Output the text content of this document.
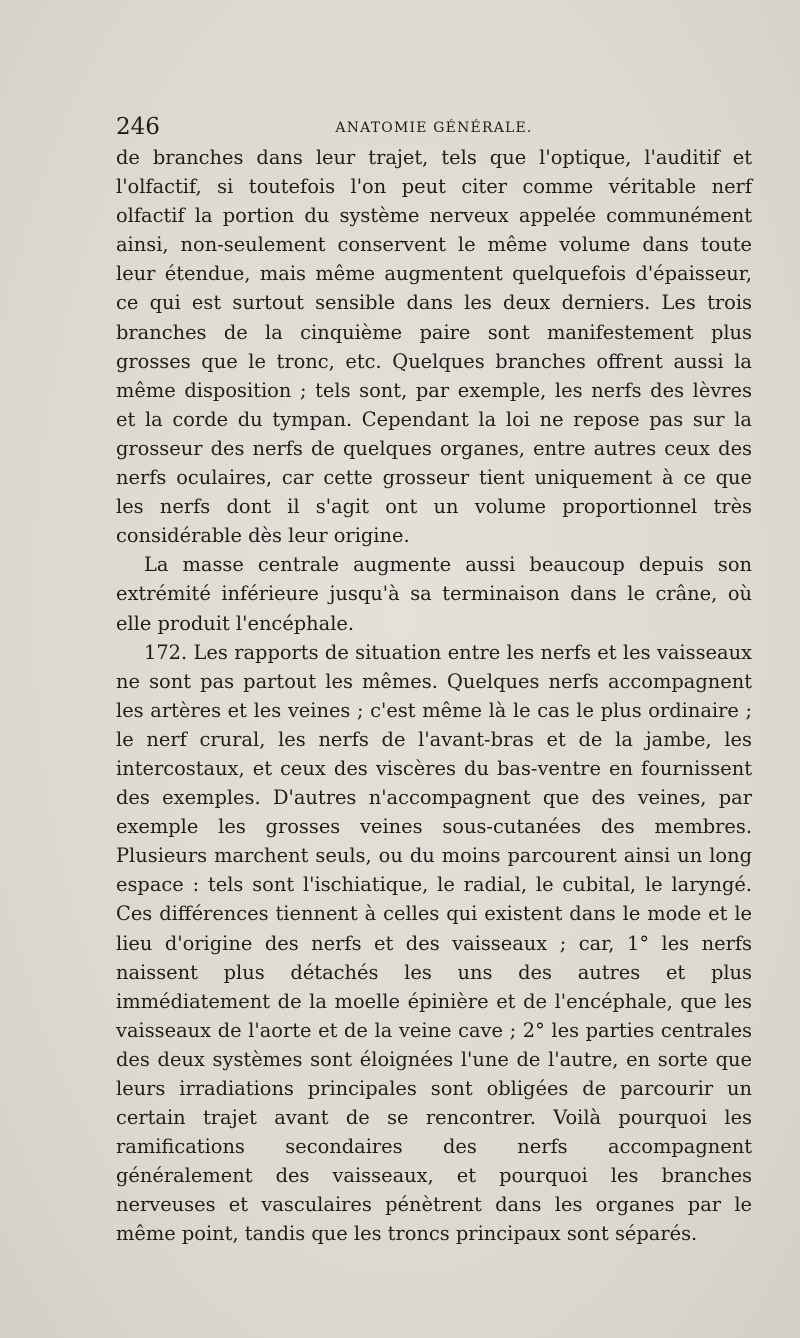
246	ANATOMIE GÉNÉRALE.

de branches dans leur trajet, tels que l'optique, l'auditif et l'olfactif, si toutefois l'on peut citer comme véritable nerf olfactif la portion du système nerveux appelée communément ainsi, non-seulement conservent le même volume dans toute leur étendue, mais même augmentent quelquefois d'épaisseur, ce qui est surtout sensible dans les deux derniers. Les trois branches de la cinquième paire sont manifestement plus grosses que le tronc, etc. Quelques branches offrent aussi la même disposition ; tels sont, par exemple, les nerfs des lèvres et la corde du tympan. Cependant la loi ne repose pas sur la grosseur des nerfs de quelques organes, entre autres ceux des nerfs oculaires, car cette grosseur tient uniquement à ce que les nerfs dont il s'agit ont un volume proportionnel très considérable dès leur origine.

La masse centrale augmente aussi beaucoup depuis son extrémité inférieure jusqu'à sa terminaison dans le crâne, où elle produit l'encéphale.

172. Les rapports de situation entre les nerfs et les vaisseaux ne sont pas partout les mêmes. Quelques nerfs accompagnent les artères et les veines ; c'est même là le cas le plus ordinaire ; le nerf crural, les nerfs de l'avant-bras et de la jambe, les intercostaux, et ceux des viscères du bas-ventre en fournissent des exemples. D'autres n'accompagnent que des veines, par exemple les grosses veines sous-cutanées des membres. Plusieurs marchent seuls, ou du moins parcourent ainsi un long espace : tels sont l'ischiatique, le radial, le cubital, le laryngé. Ces différences tiennent à celles qui existent dans le mode et le lieu d'origine des nerfs et des vaisseaux ; car, 1° les nerfs naissent plus détachés les uns des autres et plus immédiatement de la moelle épinière et de l'encéphale, que les vaisseaux de l'aorte et de la veine cave ; 2° les parties centrales des deux systèmes sont éloignées l'une de l'autre, en sorte que leurs irradiations principales sont obligées de parcourir un certain trajet avant de se rencontrer. Voilà pourquoi les ramifications secondaires des nerfs accompagnent généralement des vaisseaux, et pourquoi les branches nerveuses et vasculaires pénètrent dans les organes par le même point, tandis que les troncs principaux sont séparés.
